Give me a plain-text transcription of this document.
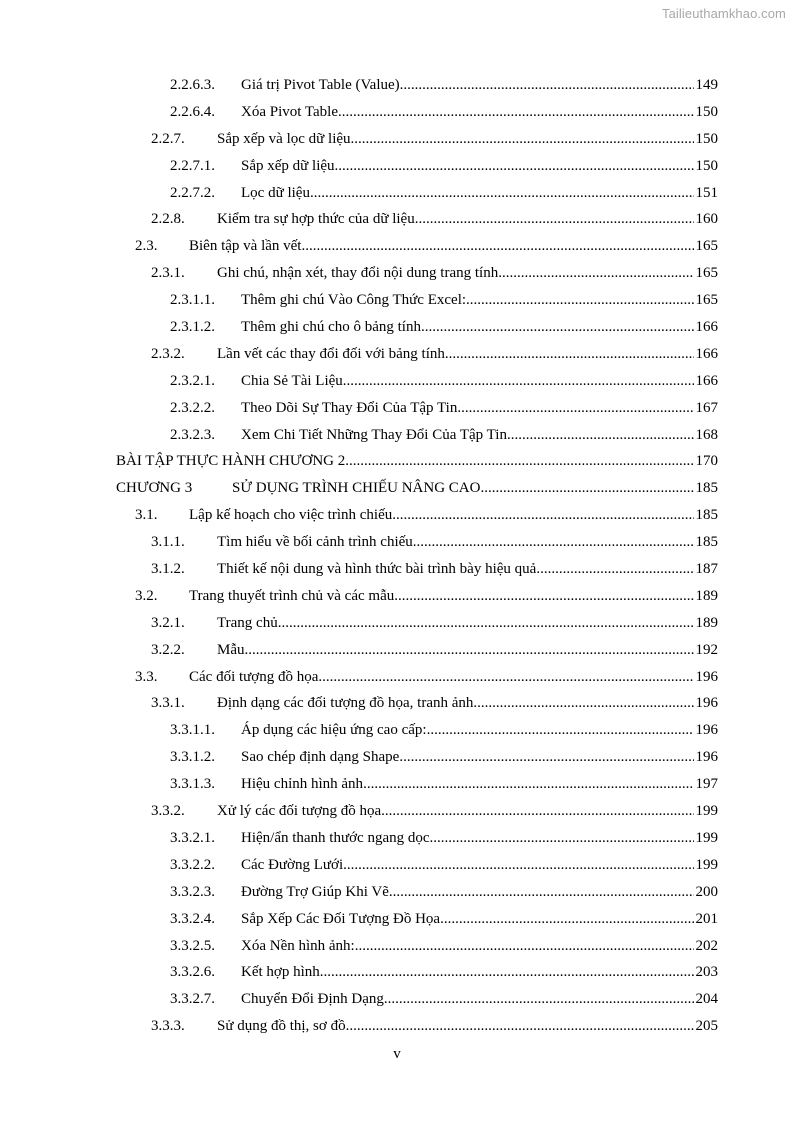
Tailieuthamkhao.com
2.2.6.3. Giá trị Pivot Table (Value) .....	149
2.2.6.4. Xóa Pivot Table .....	150
2.2.7. Sắp xếp và lọc dữ liệu .....	150
2.2.7.1. Sắp xếp dữ liệu .....	150
2.2.7.2. Lọc dữ liệu .....	151
2.2.8. Kiểm tra sự hợp thức của dữ liệu .....	160
2.3. Biên tập và lần vết .....	165
2.3.1. Ghi chú, nhận xét, thay đổi nội dung trang tính .....	165
2.3.1.1. Thêm ghi chú Vào Công Thức Excel: .....	165
2.3.1.2. Thêm ghi chú cho ô bảng tính .....	166
2.3.2. Lần vết các thay đổi đối với bảng tính .....	166
2.3.2.1. Chia Sẻ Tài Liệu .....	166
2.3.2.2. Theo Dõi Sự Thay Đổi Của Tập Tin .....	167
2.3.2.3. Xem Chi Tiết Những Thay Đổi Của Tập Tin .....	168
BÀI TẬP THỰC HÀNH CHƯƠNG 2 .....	170
CHƯƠNG 3	SỬ DỤNG TRÌNH CHIẾU NÂNG CAO .....	185
3.1. Lập kế hoạch cho việc trình chiếu .....	185
3.1.1. Tìm hiểu về bối cảnh trình chiếu .....	185
3.1.2. Thiết kế nội dung và hình thức bài trình bày hiệu quả .....	187
3.2. Trang thuyết trình chủ và các mẫu .....	189
3.2.1. Trang chủ .....	189
3.2.2. Mẫu .....	192
3.3. Các đối tượng đồ họa .....	196
3.3.1. Định dạng các đối tượng đồ họa, tranh ảnh .....	196
3.3.1.1. Áp dụng các hiệu ứng cao cấp: .....	196
3.3.1.2. Sao chép định dạng Shape .....	196
3.3.1.3. Hiệu chỉnh hình ảnh .....	197
3.3.2. Xử lý các đối tượng đồ họa .....	199
3.3.2.1. Hiện/ẩn thanh thước ngang dọc .....	199
3.3.2.2. Các Đường Lưới .....	199
3.3.2.3. Đường Trợ Giúp Khi Vẽ .....	200
3.3.2.4. Sắp Xếp Các Đối Tượng Đồ Họa .....	201
3.3.2.5. Xóa Nền hình ảnh: .....	202
3.3.2.6. Kết hợp hình .....	203
3.3.2.7. Chuyển Đổi Định Dạng .....	204
3.3.3. Sử dụng đồ thị, sơ đồ .....	205
v
